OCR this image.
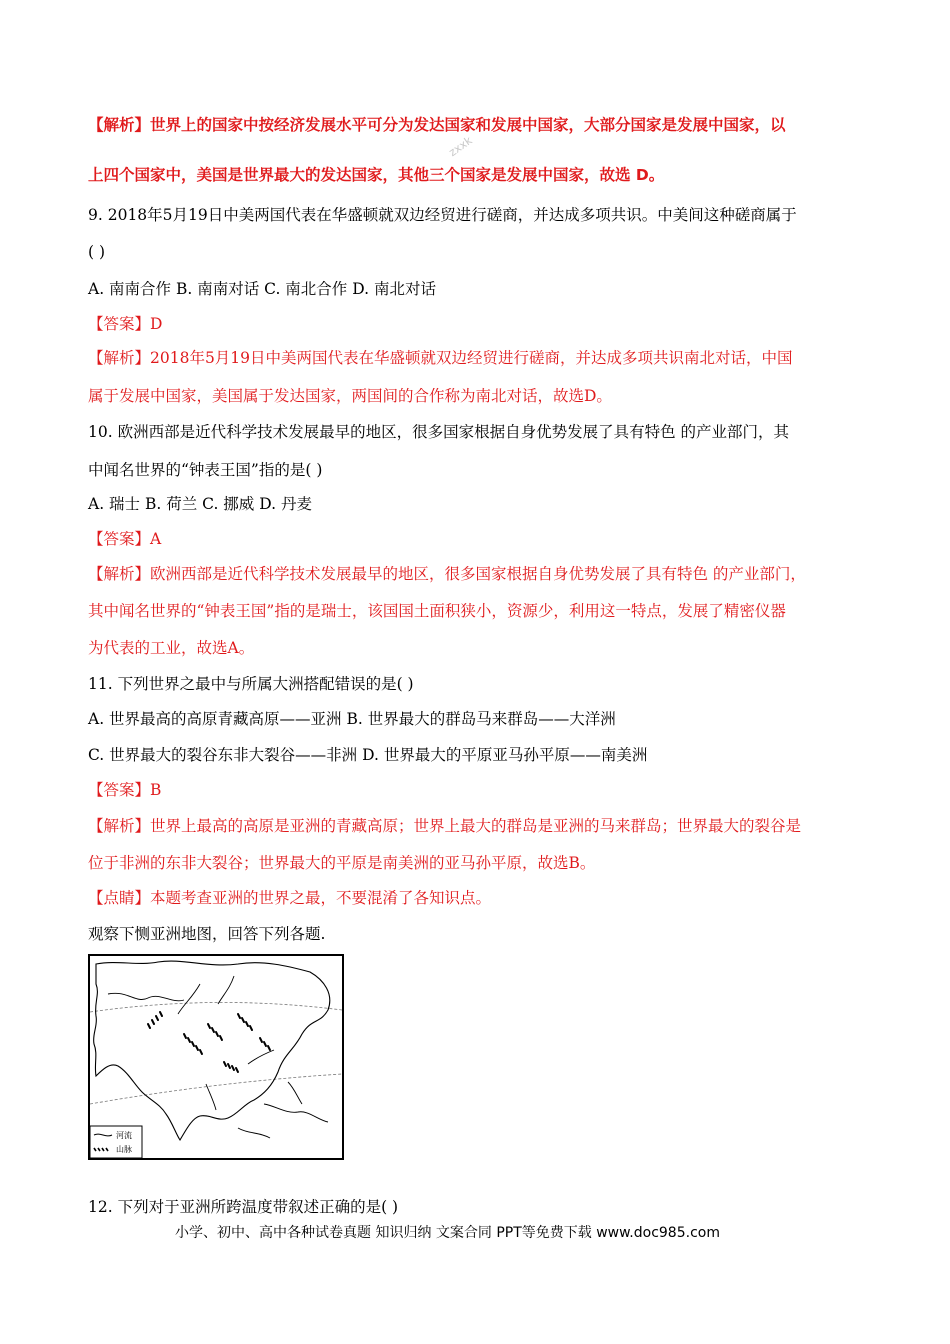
【解析】世界上的国家中按经济发展水平可分为发达国家和发展中国家，大部分国家是发展中国家，以
上四个国家中，美国是世界最大的发达国家，其他三个国家是发展中国家，故选 D。
9. 2018年5月19日中美两国代表在华盛顿就双边经贸进行磋商，并达成多项共识。中美间这种磋商属于
( )
A. 南南合作 B. 南南对话 C. 南北合作 D. 南北对话
【答案】D
【解析】2018年5月19日中美两国代表在华盛顿就双边经贸进行磋商，并达成多项共识南北对话，中国
属于发展中国家，美国属于发达国家，两国间的合作称为南北对话，故选D。
10. 欧洲西部是近代科学技术发展最早的地区，很多国家根据自身优势发展了具有特色 的产业部门，其
中闻名世界的“钟表王国”指的是( )
A. 瑞士 B. 荷兰 C. 挪威 D. 丹麦
【答案】A
【解析】欧洲西部是近代科学技术发展最早的地区，很多国家根据自身优势发展了具有特色 的产业部门，
其中闻名世界的“钟表王国”指的是瑞士，该国国土面积狭小，资源少，利用这一特点，发展了精密仪器
为代表的工业，故选A。
11. 下列世界之最中与所属大洲搭配错误的是( )
A. 世界最高的高原青藏高原——亚洲 B. 世界最大的群岛马来群岛——大洋洲
C. 世界最大的裂谷东非大裂谷——非洲 D. 世界最大的平原亚马孙平原——南美洲
【答案】B
【解析】世界上最高的高原是亚洲的青藏高原；世界上最大的群岛是亚洲的马来群岛；世界最大的裂谷是
位于非洲的东非大裂谷；世界最大的平原是南美洲的亚马孙平原，故选B。
【点睛】本题考查亚洲的世界之最，不要混淆了各知识点。
观察下恻亚洲地图，回答下列各题.
12. 下列对于亚洲所跨温度带叙述正确的是( )
zxxk
河流
山脉
小学、初中、高中各种试卷真题 知识归纳 文案合同 PPT等免费下载 www.doc985.com
